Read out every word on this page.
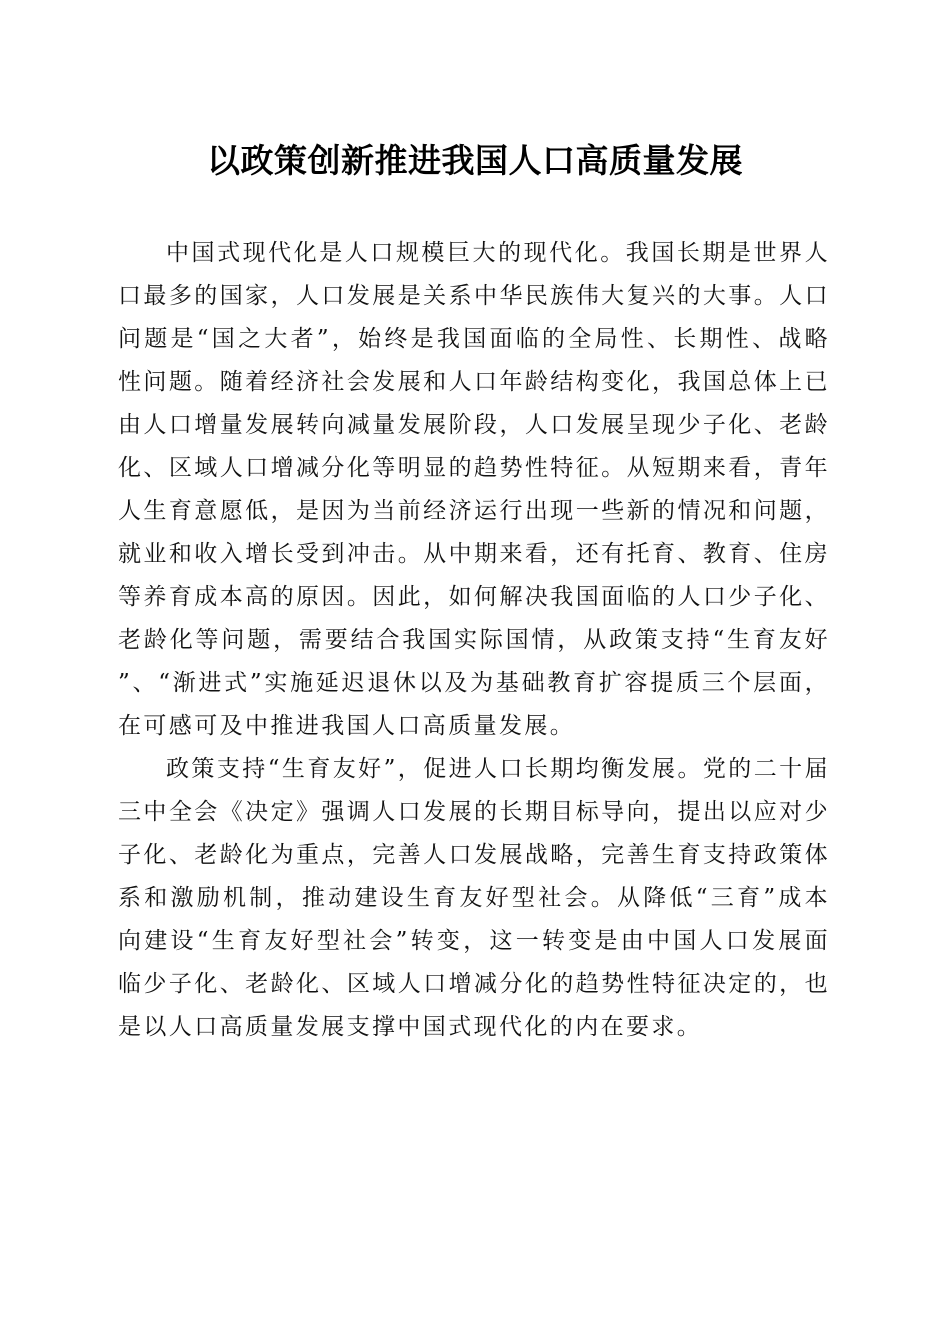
以政策创新推进我国人口高质量发展

中国式现代化是人口规模巨大的现代化。我国长期是世界人口最多的国家，人口发展是关系中华民族伟大复兴的大事。人口问题是“国之大者”，始终是我国面临的全局性、长期性、战略性问题。随着经济社会发展和人口年龄结构变化，我国总体上已由人口增量发展转向减量发展阶段，人口发展呈现少子化、老龄化、区域人口增减分化等明显的趋势性特征。从短期来看，青年人生育意愿低，是因为当前经济运行出现一些新的情况和问题，就业和收入增长受到冲击。从中期来看，还有托育、教育、住房等养育成本高的原因。因此，如何解决我国面临的人口少子化、老龄化等问题，需要结合我国实际国情，从政策支持“生育友好”、“渐进式”实施延迟退休以及为基础教育扩容提质三个层面，在可感可及中推进我国人口高质量发展。

政策支持“生育友好”，促进人口长期均衡发展。党的二十届三中全会《决定》强调人口发展的长期目标导向，提出以应对少子化、老龄化为重点，完善人口发展战略，完善生育支持政策体系和激励机制，推动建设生育友好型社会。从降低“三育”成本向建设“生育友好型社会”转变，这一转变是由中国人口发展面临少子化、老龄化、区域人口增减分化的趋势性特征决定的，也是以人口高质量发展支撑中国式现代化的内在要求。
